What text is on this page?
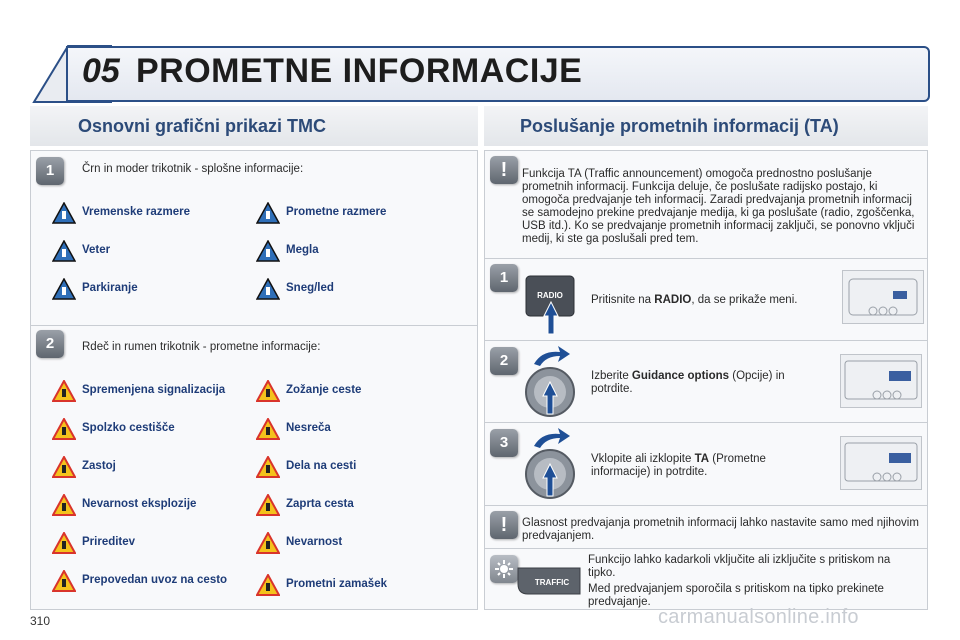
05 PROMETNE INFORMACIJE
Osnovni grafični prikazi TMC	Poslušanje prometnih informacij (TA)
1	Črn in moder trikotnik - splošne informacije:
2	Rdeč in rumen trikotnik - prometne informacije:
Vremenske razmere	Prometne razmere
Veter	Megla
Parkiranje	Sneg/led
Spremenjena signalizacija	Zožanje ceste
Spolzko cestišče	Nesreča
Zastoj	Dela na cesti
Nevarnost eksplozije	Zaprta cesta
Prireditev	Nevarnost
Prepovedan uvoz na cesto	Prometni zamašek
!	Funkcija TA (Traffic announcement) omogoča prednostno poslušanje prometnih informacij. Funkcija deluje, če poslušate radijsko postajo, ki omogoča predvajanje teh informacij. Zaradi predvajanja prometnih informacij se samodejno prekine predvajanje medija, ki ga poslušate (radio, zgoščenka, USB itd.). Ko se predvajanje prometnih informacij zaključi, se ponovno vključi medij, ki ste ga poslušali pred tem.
1
RADIO Pritisnite na RADIO, da se prikaže meni.
2
Izberite Guidance options (Opcije) in potrdite.
3
Vklopite ali izklopite TA (Prometne informacije) in potrdite.
!	Glasnost predvajanja prometnih informacij lahko nastavite samo med njihovim predvajanjem.
TRAFFIC
Funkcijo lahko kadarkoli vključite ali izključite s pritiskom na tipko.
Med predvajanjem sporočila s pritiskom na tipko prekinete predvajanje.
310	carmanualsonline.info
